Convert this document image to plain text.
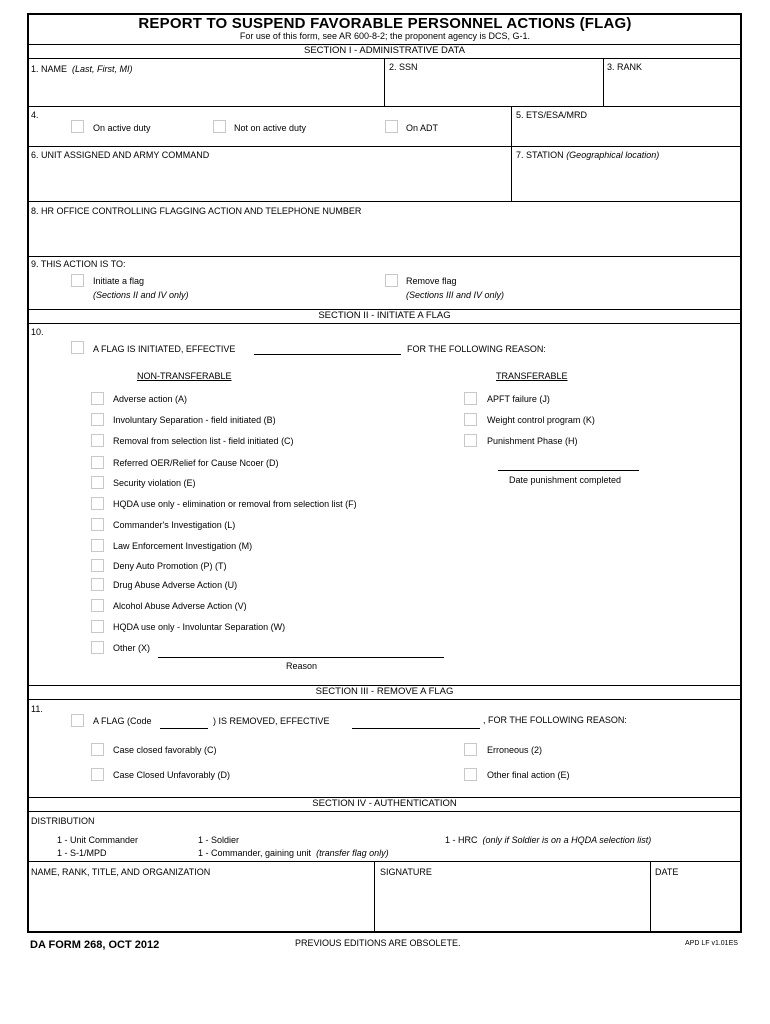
REPORT TO SUSPEND FAVORABLE PERSONNEL ACTIONS (FLAG)
For use of this form, see AR 600-8-2; the proponent agency is DCS, G-1.
SECTION I - ADMINISTRATIVE DATA
1. NAME (Last, First, MI)	2. SSN	3. RANK
4.
On active duty	Not on active duty	On ADT
5. ETS/ESA/MRD
6. UNIT ASSIGNED AND ARMY COMMAND	7. STATION (Geographical location)
8. HR OFFICE CONTROLLING FLAGGING ACTION AND TELEPHONE NUMBER
9. THIS ACTION IS TO:
Initiate a flag
(Sections II and IV only)
Remove flag
(Sections III and IV only)
SECTION II - INITIATE A FLAG
10.
A FLAG IS INITIATED, EFFECTIVE	FOR THE FOLLOWING REASON:
NON-TRANSFERABLE	TRANSFERABLE
Adverse action (A)
Involuntary Separation - field initiated (B)
Removal from selection list - field initiated (C)
Referred OER/Relief for Cause Ncoer (D)
Security violation (E)
HQDA use only - elimination or removal from selection list (F)
Commander's Investigation (L)
Law Enforcement Investigation (M)
Deny Auto Promotion (P) (T)
Drug Abuse Adverse Action (U)
Alcohol Abuse Adverse Action (V)
HQDA use only - Involuntar Separation (W)
Other (X)
Reason
APFT failure (J)
Weight control program (K)
Punishment Phase (H)
Date punishment completed
SECTION III - REMOVE A FLAG
11.
A FLAG (Code	) IS REMOVED, EFFECTIVE	, FOR THE FOLLOWING REASON:
Case closed favorably (C)	Erroneous (2)
Case Closed Unfavorably (D)	Other final action (E)
SECTION IV - AUTHENTICATION
DISTRIBUTION
1 - Unit Commander
1 - S-1/MPD
1 - Soldier
1 - Commander, gaining unit (transfer flag only)
1 - HRC (only if Soldier is on a HQDA selection list)
NAME, RANK, TITLE, AND ORGANIZATION	SIGNATURE	DATE
DA FORM 268, OCT 2012	PREVIOUS EDITIONS ARE OBSOLETE.	APD LF v1.01ES
